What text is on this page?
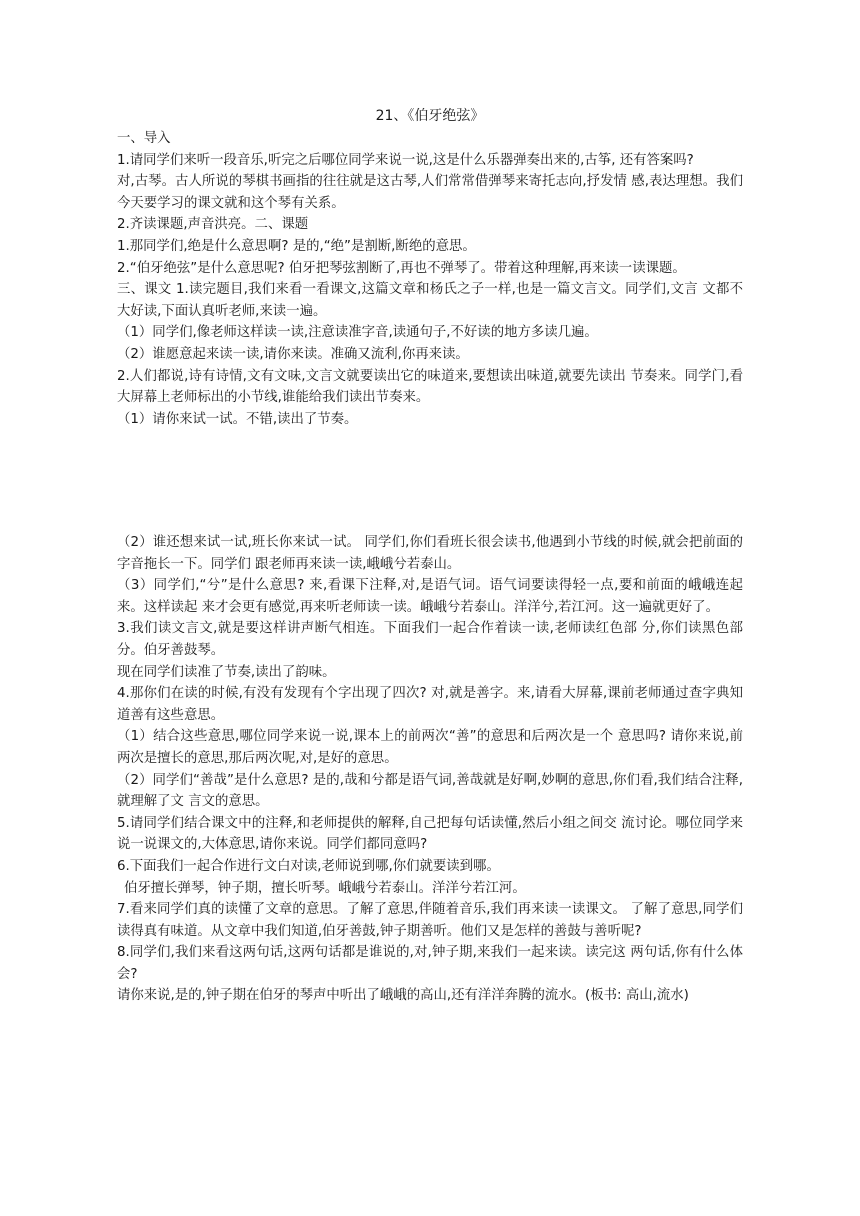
21、《伯牙绝弦》

一、导入

1.请同学们来听一段音乐,听完之后哪位同学来说一说,这是什么乐器弹奏出来的,古筝, 还有答案吗?

对,古琴。古人所说的琴棋书画指的往往就是这古琴,人们常常借弹琴来寄托志向,抒发情 感,表达理想。我们今天要学习的课文就和这个琴有关系。

2.齐读课题,声音洪亮。二、课题

1.那同学们,绝是什么意思啊? 是的,“绝”是割断,断绝的意思。

2.“伯牙绝弦”是什么意思呢? 伯牙把琴弦割断了,再也不弹琴了。带着这种理解,再来读一读课题。

三、课文 1.读完题目,我们来看一看课文,这篇文章和杨氏之子一样,也是一篇文言文。同学们,文言 文都不大好读,下面认真听老师,来读一遍。

（1）同学们,像老师这样读一读,注意读准字音,读通句子,不好读的地方多读几遍。

（2）谁愿意起来读一读,请你来读。准确又流利,你再来读。

2.人们都说,诗有诗情,文有文味,文言文就要读出它的味道来,要想读出味道,就要先读出 节奏来。同学门,看大屏幕上老师标出的小节线,谁能给我们读出节奏来。

（1）请你来试一试。不错,读出了节奏。

（2）谁还想来试一试,班长你来试一试。 同学们,你们看班长很会读书,他遇到小节线的时候,就会把前面的字音拖长一下。同学们 跟老师再来读一读,峨峨兮若泰山。

（3）同学们,“兮”是什么意思? 来,看课下注释,对,是语气词。语气词要读得轻一点,要和前面的峨峨连起来。这样读起 来才会更有感觉,再来听老师读一读。峨峨兮若泰山。洋洋兮,若江河。这一遍就更好了。

3.我们读文言文,就是要这样讲声断气相连。下面我们一起合作着读一读,老师读红色部 分,你们读黑色部分。伯牙善鼓琴。

现在同学们读准了节奏,读出了韵味。

4.那你们在读的时候,有没有发现有个字出现了四次? 对,就是善字。来,请看大屏幕,课前老师通过查字典知道善有这些意思。

（1）结合这些意思,哪位同学来说一说,课本上的前两次“善”的意思和后两次是一个 意思吗? 请你来说,前两次是擅长的意思,那后两次呢,对,是好的意思。

（2）同学们“善哉”是什么意思? 是的,哉和兮都是语气词,善哉就是好啊,妙啊的意思,你们看,我们结合注释,就理解了文 言文的意思。

5.请同学们结合课文中的注释,和老师提供的解释,自己把每句话读懂,然后小组之间交 流讨论。哪位同学来说一说课文的,大体意思,请你来说。同学们都同意吗?

6.下面我们一起合作进行文白对读,老师说到哪,你们就要读到哪。

伯牙擅长弹琴，钟子期，擅长听琴。峨峨兮若泰山。洋洋兮若江河。

7.看来同学们真的读懂了文章的意思。了解了意思,伴随着音乐,我们再来读一读课文。 了解了意思,同学们读得真有味道。从文章中我们知道,伯牙善鼓,钟子期善听。他们又是怎样的善鼓与善听呢?

8.同学们,我们来看这两句话,这两句话都是谁说的,对,钟子期,来我们一起来读。读完这 两句话,你有什么体会?

请你来说,是的,钟子期在伯牙的琴声中听出了峨峨的高山,还有洋洋奔腾的流水。(板书: 高山,流水)
